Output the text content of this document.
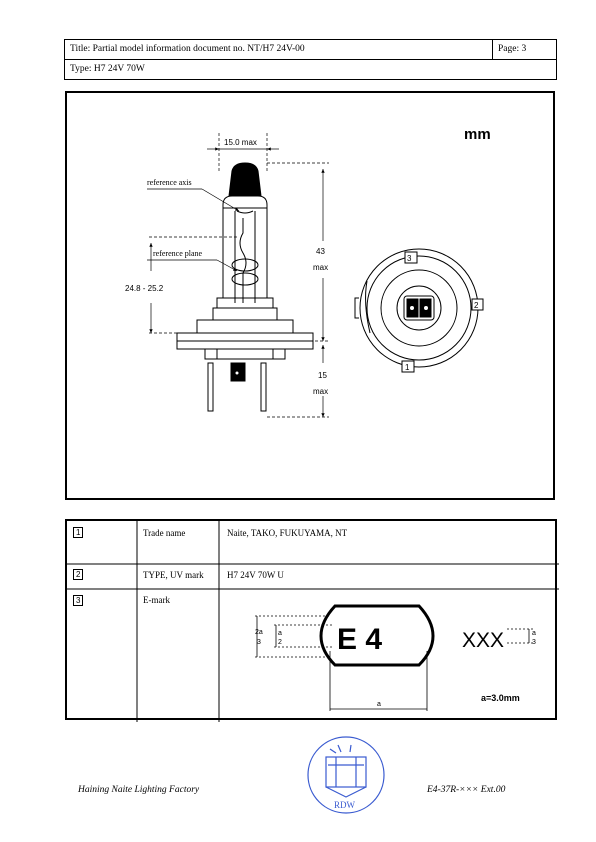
Title: Partial model information document no. NT/H7 24V-00	Page: 3
Type: H7 24V 70W
3
2
1
15.0 max
reference axis
reference plane
24.8 - 25.2
43
max
15
max
mm
2a
3
a
2 E 4	XXX	a
3
a
a=3.0mm
1	Trade name	Naite, TAKO, FUKUYAMA, NT
2	TYPE, UV mark	H7 24V 70W U
3	E-mark
RDW
Haining Naite Lighting Factory	E4-37R-××× Ext.00
